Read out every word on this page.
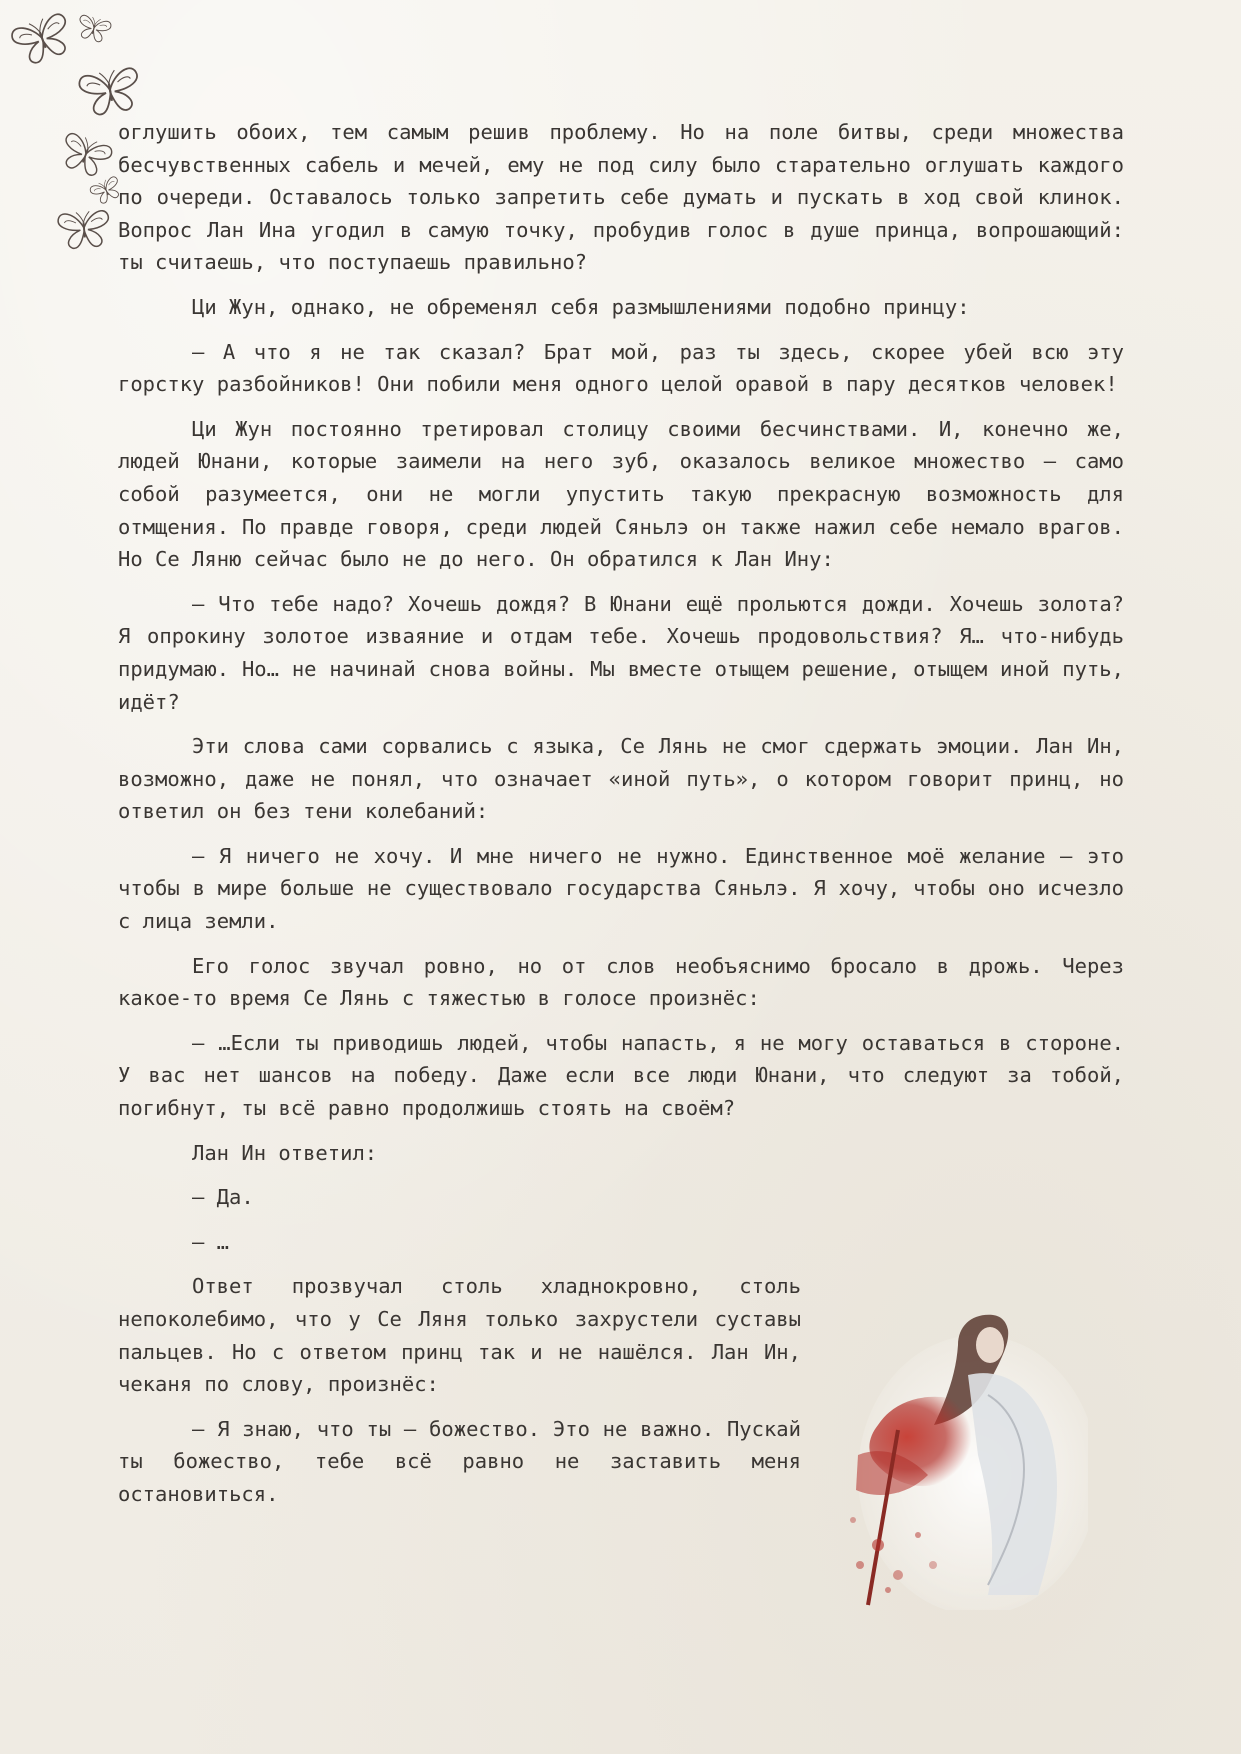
оглушить обоих, тем самым решив проблему. Но на поле битвы, среди множества бесчувственных сабель и мечей, ему не под силу было старательно оглушать каждого по очереди. Оставалось только запретить себе думать и пускать в ход свой клинок. Вопрос Лан Ина угодил в самую точку, пробудив голос в душе принца, вопрошающий: ты считаешь, что поступаешь правильно?

Ци Жун, однако, не обременял себя размышлениями подобно принцу:

— А что я не так сказал? Брат мой, раз ты здесь, скорее убей всю эту горстку разбойников! Они побили меня одного целой оравой в пару десятков человек!

Ци Жун постоянно третировал столицу своими бесчинствами. И, конечно же, людей Юнани, которые заимели на него зуб, оказалось великое множество — само собой разумеется, они не могли упустить такую прекрасную возможность для отмщения. По правде говоря, среди людей Сяньлэ он также нажил себе немало врагов. Но Се Ляню сейчас было не до него. Он обратился к Лан Ину:

— Что тебе надо? Хочешь дождя? В Юнани ещё прольются дожди. Хочешь золота? Я опрокину золотое изваяние и отдам тебе. Хочешь продовольствия? Я… что-нибудь придумаю. Но… не начинай снова войны. Мы вместе отыщем решение, отыщем иной путь, идёт?

Эти слова сами сорвались с языка, Се Лянь не смог сдержать эмоции. Лан Ин, возможно, даже не понял, что означает «иной путь», о котором говорит принц, но ответил он без тени колебаний:

— Я ничего не хочу. И мне ничего не нужно. Единственное моё желание — это чтобы в мире больше не существовало государства Сяньлэ. Я хочу, чтобы оно исчезло с лица земли.

Его голос звучал ровно, но от слов необъяснимо бросало в дрожь. Через какое-то время Се Лянь с тяжестью в голосе произнёс:

— …Если ты приводишь людей, чтобы напасть, я не могу оставаться в стороне. У вас нет шансов на победу. Даже если все люди Юнани, что следуют за тобой, погибнут, ты всё равно продолжишь стоять на своём?

Лан Ин ответил:

— Да.

— …

Ответ прозвучал столь хладнокровно, столь непоколебимо, что у Се Ляня только захрустели суставы пальцев. Но с ответом принц так и не нашёлся. Лан Ин, чеканя по слову, произнёс:

— Я знаю, что ты — божество. Это не важно. Пускай ты божество, тебе всё равно не заставить меня остановиться.
